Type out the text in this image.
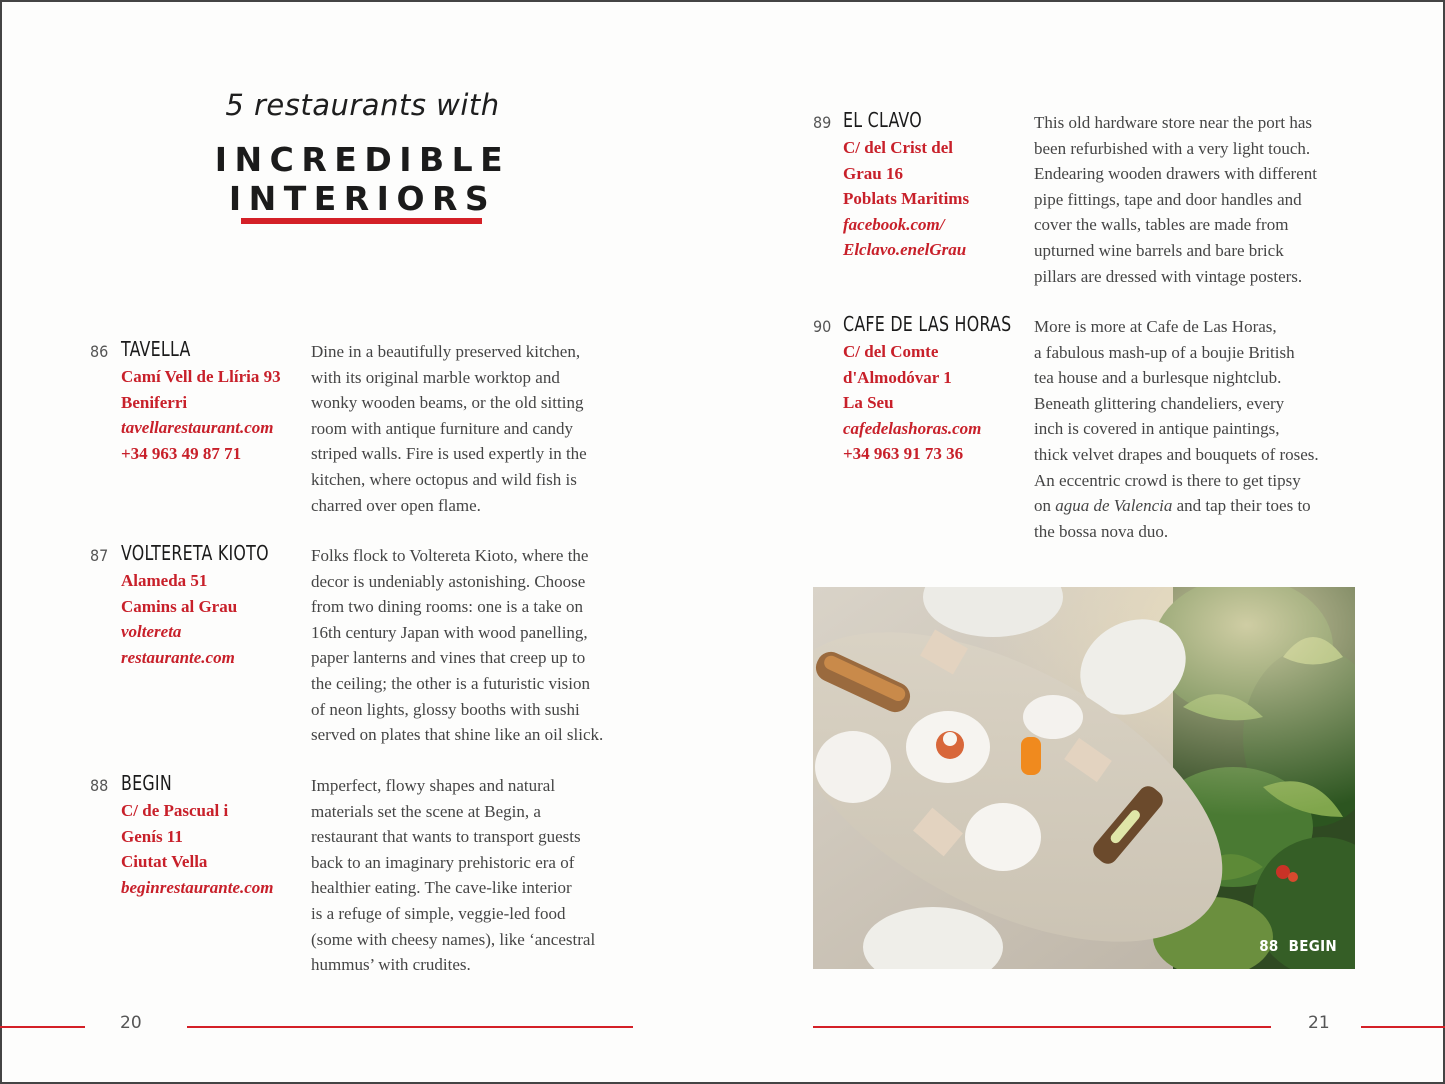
5 restaurants with
INCREDIBLE INTERIORS
86 TAVELLA
Camí Vell de Llíria 93
Beniferri
tavellarestaurant.com
+34 963 49 87 71
Dine in a beautifully preserved kitchen,
with its original marble worktop and
wonky wooden beams, or the old sitting
room with antique furniture and candy
striped walls. Fire is used expertly in the
kitchen, where octopus and wild fish is
charred over open flame.
87 VOLTERETA KIOTO
Alameda 51
Camins al Grau
voltereta
restaurante.com
Folks flock to Voltereta Kioto, where the
decor is undeniably astonishing. Choose
from two dining rooms: one is a take on
16th century Japan with wood panelling,
paper lanterns and vines that creep up to
the ceiling; the other is a futuristic vision
of neon lights, glossy booths with sushi
served on plates that shine like an oil slick.
88 BEGIN
C/ de Pascual i
Genís 11
Ciutat Vella
beginrestaurante.com
Imperfect, flowy shapes and natural
materials set the scene at Begin, a
restaurant that wants to transport guests
back to an imaginary prehistoric era of
healthier eating. The cave-like interior
is a refuge of simple, veggie-led food
(some with cheesy names), like ‘ancestral
hummus’ with crudites.
89 EL CLAVO
C/ del Crist del
Grau 16
Poblats Maritims
facebook.com/
Elclavo.enelGrau
This old hardware store near the port has
been refurbished with a very light touch.
Endearing wooden drawers with different
pipe fittings, tape and door handles and
cover the walls, tables are made from
upturned wine barrels and bare brick
pillars are dressed with vintage posters.
90 CAFE DE LAS HORAS
C/ del Comte
d'Almodóvar 1
La Seu
cafedelashoras.com
+34 963 91 73 36
More is more at Cafe de Las Horas,
a fabulous mash-up of a boujie British
tea house and a burlesque nightclub.
Beneath glittering chandeliers, every
inch is covered in antique paintings,
thick velvet drapes and bouquets of roses.
An eccentric crowd is there to get tipsy
on agua de Valencia and tap their toes to
the bossa nova duo.
88 BEGIN
20	21
